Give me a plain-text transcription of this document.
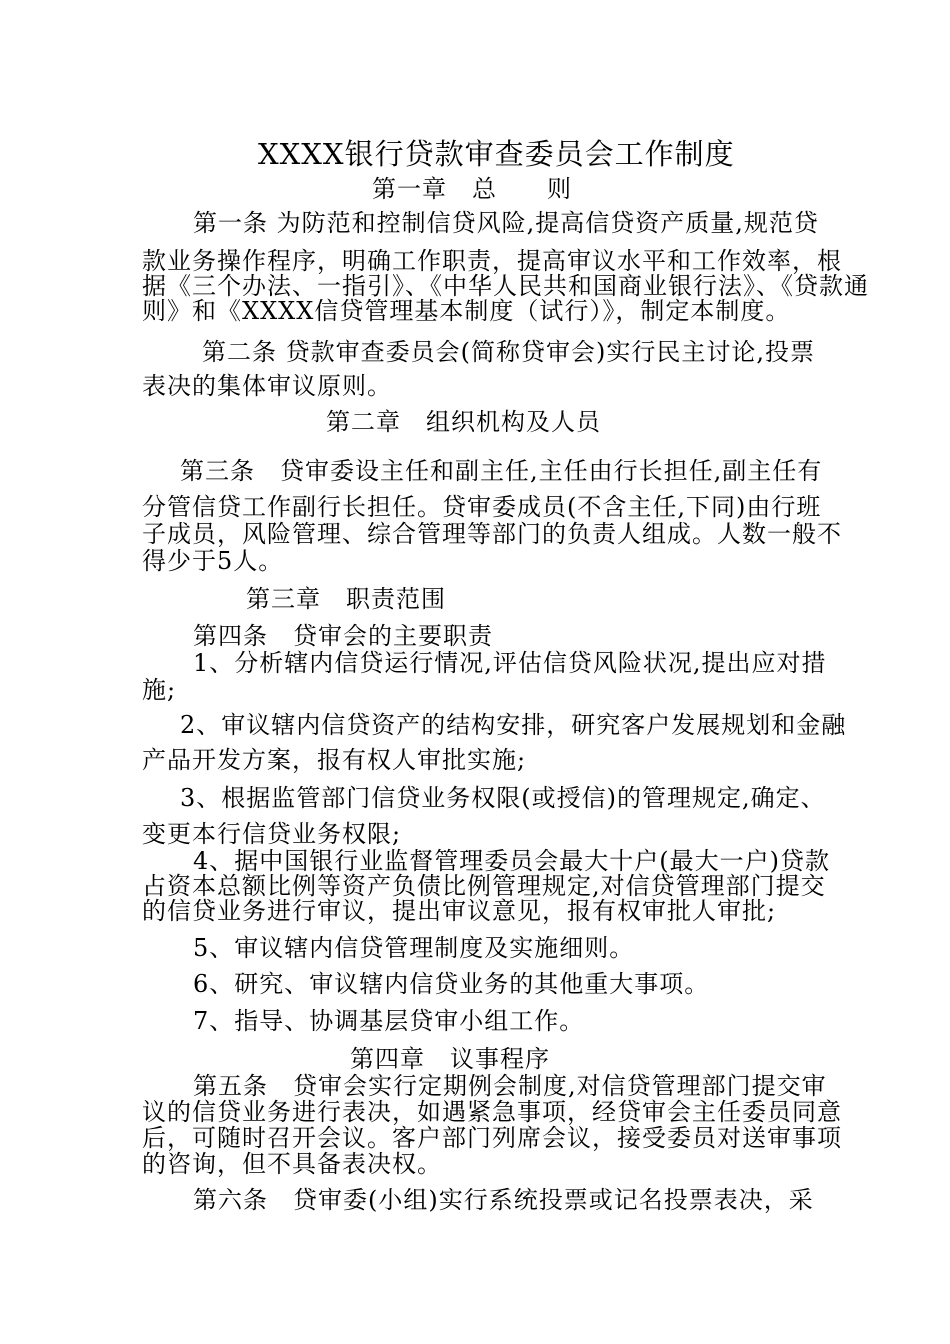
XXXX银行贷款审查委员会工作制度
第一章　总　　则
第一条 为防范和控制信贷风险,提高信贷资产质量,规范贷
款业务操作程序，明确工作职责，提高审议水平和工作效率，根
据《三个办法、一指引》、《中华人民共和国商业银行法》、《贷款通
则》和《XXXX信贷管理基本制度（试行）》，制定本制度。
第二条 贷款审查委员会(简称贷审会)实行民主讨论,投票
表决的集体审议原则。
第二章　组织机构及人员
第三条　贷审委设主任和副主任,主任由行长担任,副主任有
分管信贷工作副行长担任。贷审委成员(不含主任,下同)由行班
子成员，风险管理、综合管理等部门的负责人组成。人数一般不
得少于5人。
第三章　职责范围
第四条　贷审会的主要职责
1、分析辖内信贷运行情况,评估信贷风险状况,提出应对措
施;
2、审议辖内信贷资产的结构安排，研究客户发展规划和金融
产品开发方案，报有权人审批实施;
3、根据监管部门信贷业务权限(或授信)的管理规定,确定、
变更本行信贷业务权限;
4、据中国银行业监督管理委员会最大十户(最大一户)贷款
占资本总额比例等资产负债比例管理规定,对信贷管理部门提交
的信贷业务进行审议，提出审议意见，报有权审批人审批;
5、审议辖内信贷管理制度及实施细则。
6、研究、审议辖内信贷业务的其他重大事项。
7、指导、协调基层贷审小组工作。
第四章　议事程序
第五条　贷审会实行定期例会制度,对信贷管理部门提交审
议的信贷业务进行表决，如遇紧急事项，经贷审会主任委员同意
后，可随时召开会议。客户部门列席会议，接受委员对送审事项
的咨询，但不具备表决权。
第六条　贷审委(小组)实行系统投票或记名投票表决，采
